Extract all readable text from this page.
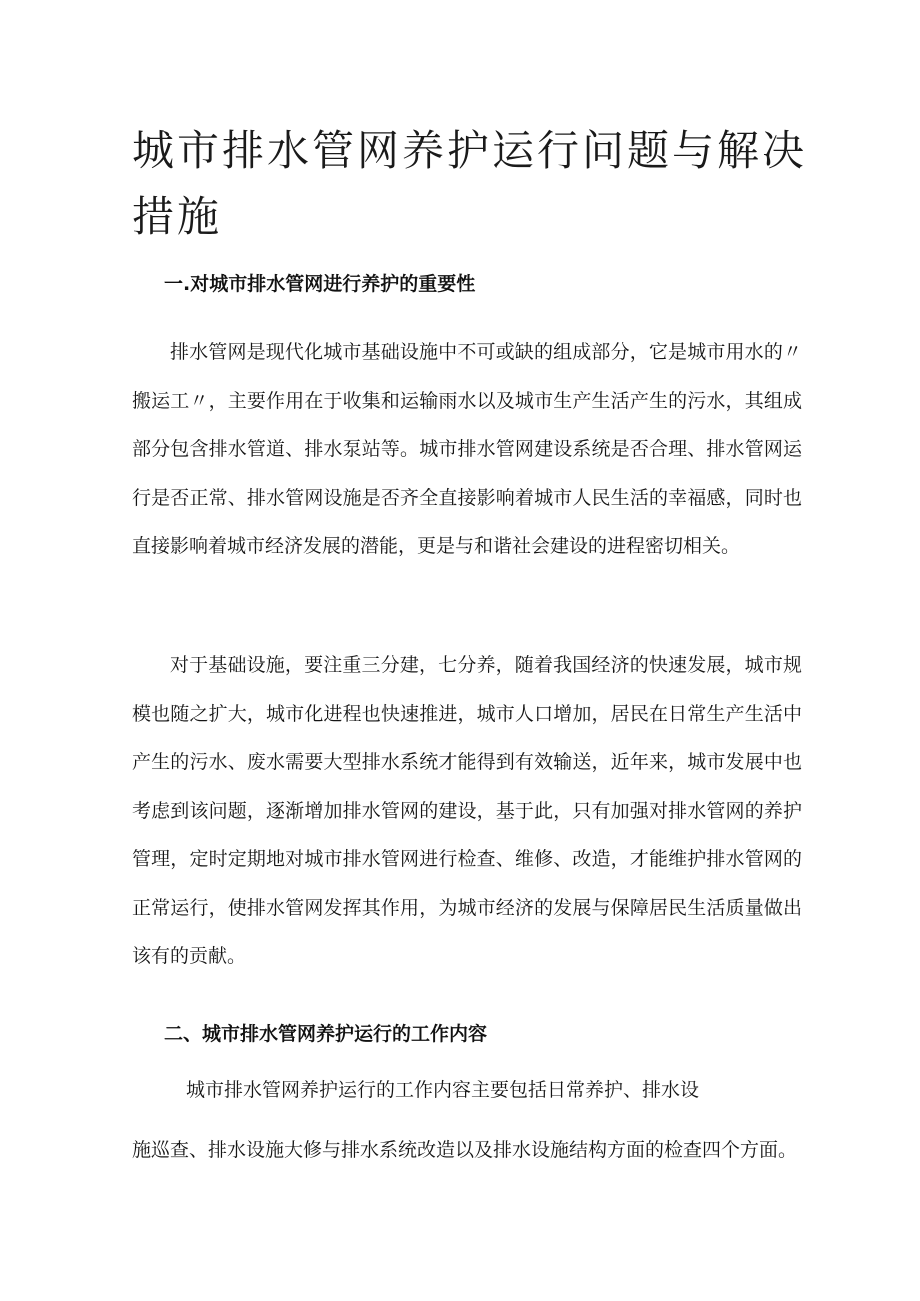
城市排水管网养护运行问题与解决措施
一.对城市排水管网进行养护的重要性

排水管网是现代化城市基础设施中不可或缺的组成部分，它是城市用水的〃搬运工〃，主要作用在于收集和运输雨水以及城市生产生活产生的污水，其组成部分包含排水管道、排水泵站等。城市排水管网建设系统是否合理、排水管网运行是否正常、排水管网设施是否齐全直接影响着城市人民生活的幸福感，同时也直接影响着城市经济发展的潜能，更是与和谐社会建设的进程密切相关。

对于基础设施，要注重三分建，七分养，随着我国经济的快速发展，城市规模也随之扩大，城市化进程也快速推进，城市人口增加，居民在日常生产生活中产生的污水、废水需要大型排水系统才能得到有效输送，近年来，城市发展中也考虑到该问题，逐渐增加排水管网的建设，基于此，只有加强对排水管网的养护管理，定时定期地对城市排水管网进行检查、维修、改造，才能维护排水管网的正常运行，使排水管网发挥其作用，为城市经济的发展与保障居民生活质量做出该有的贡献。

二、城市排水管网养护运行的工作内容

城市排水管网养护运行的工作内容主要包括日常养护、排水设

施巡查、排水设施大修与排水系统改造以及排水设施结构方面的检查四个方面。
